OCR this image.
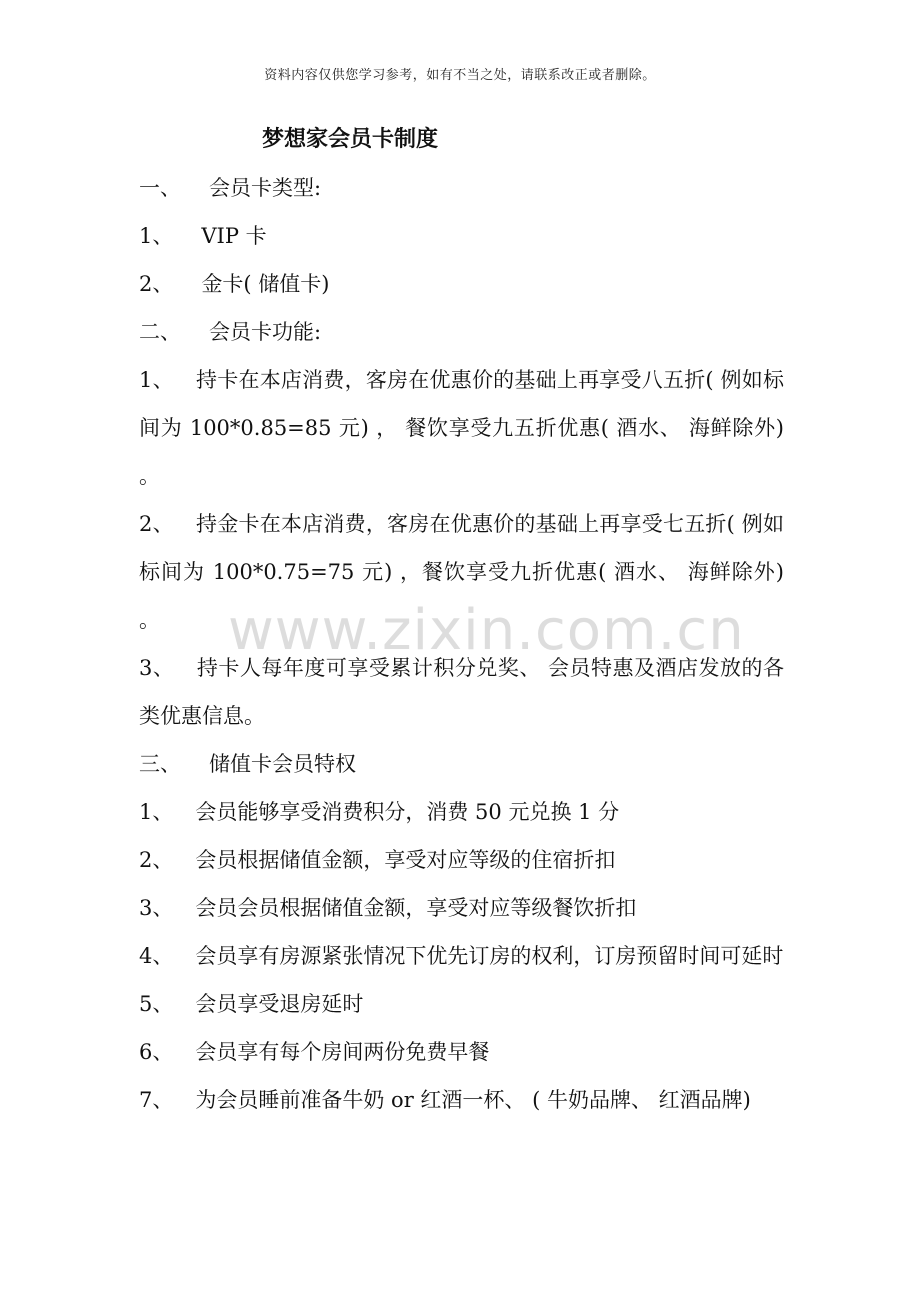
资料内容仅供您学习参考，如有不当之处，请联系改正或者删除。
梦想家会员卡制度
www.zixin.com.cn
一、 会员卡类型:
1、 VIP 卡
2、 金卡( 储值卡)
二、 会员卡功能:
1、 持卡在本店消费，客房在优惠价的基础上再享受八五折( 例如标间为 100*0.85=85 元) ， 餐饮享受九五折优惠( 酒水、 海鲜除外) 。
2、 持金卡在本店消费，客房在优惠价的基础上再享受七五折( 例如标间为 100*0.75=75 元) ，餐饮享受九折优惠( 酒水、 海鲜除外) 。
3、 持卡人每年度可享受累计积分兑奖、 会员特惠及酒店发放的各类优惠信息。
三、 储值卡会员特权
1、 会员能够享受消费积分，消费 50 元兑换 1 分
2、 会员根据储值金额，享受对应等级的住宿折扣
3、 会员会员根据储值金额，享受对应等级餐饮折扣
4、 会员享有房源紧张情况下优先订房的权利，订房预留时间可延时
5、 会员享受退房延时
6、 会员享有每个房间两份免费早餐
7、 为会员睡前准备牛奶 or 红酒一杯、 ( 牛奶品牌、 红酒品牌)
